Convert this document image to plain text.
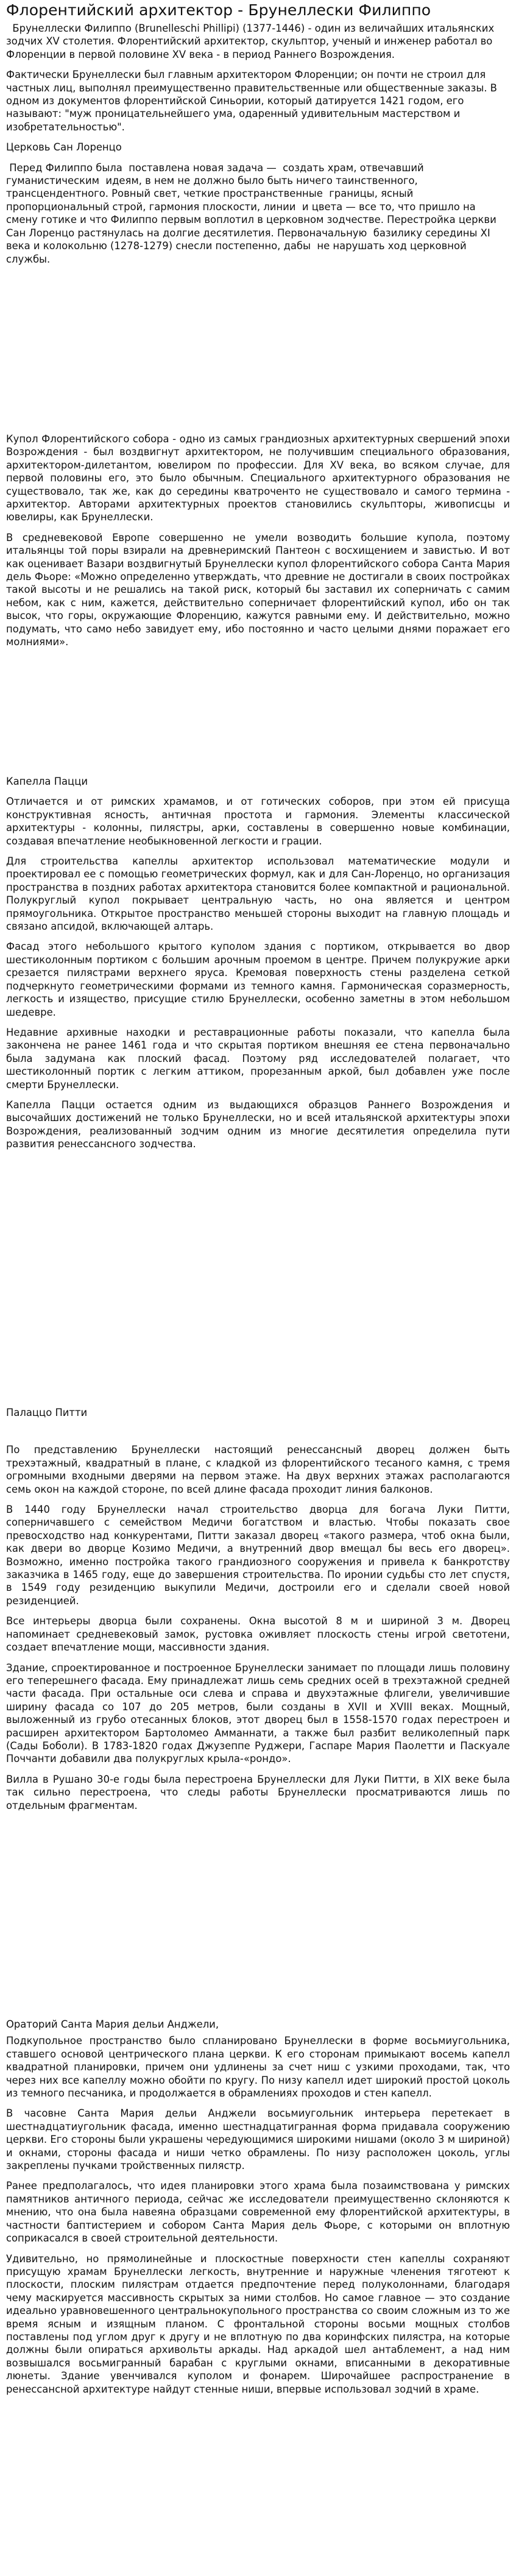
Флорентийский архитектор - Брунеллески Филиппо

Брунеллески Филиппо (Brunelleschi Phillipi) (1377-1446) - один из величайших итальянских зодчих XV столетия. Флорентийский архитектор, скульптор, ученый и инженер работал во Флоренции в первой половине XV века - в период Раннего Возрождения.

Фактически Брунеллески был главным архитектором Флоренции; он почти не строил для частных лиц, выполнял преимущественно правительственные или общественные заказы. В одном из документов флорентийской Синьории, который датируется 1421 годом, его называют: "муж проницательнейшего ума, одаренный удивительным мастерством и изобретательностью".

Церковь Сан Лоренцо

Перед Филиппо была  поставлена новая задача —  создать храм, отвечавший гуманистическим  идеям, в нем не должно было быть ничего таинственного, трансцендентного. Ровный свет, четкие пространственные  границы, ясный пропорциональный строй, гармония плоскости, линии  и цвета — все то, что пришло на смену готике и что Филиппо первым воплотил в церковном зодчестве. Перестройка церкви  Сан Лоренцо растянулась на долгие десятилетия. Первоначальную  базилику середины XI века и колокольню (1278-1279) снесли постепенно, дабы  не нарушать ход церковной  службы.

Купол Флорентийского собора - одно из самых грандиозных архитектурных свершений эпохи Возрождения - был воздвигнут архитектором, не получившим специального образования, архитектором-дилетантом, ювелиром по профессии. Для XV века, во всяком случае, для первой половины его, это было обычным. Специального архитектурного образования не существовало, так же, как до середины кватроченто не существовало и самого термина - архитектор. Авторами архитектурных проектов становились скульпторы, живописцы и ювелиры, как Брунеллески.

В средневековой Европе совершенно не умели возводить большие купола, поэтому итальянцы той поры взирали на древнеримский Пантеон с восхищением и завистью. И вот как оценивает Вазари воздвигнутый Брунеллески купол флорентийского собора Санта Мария дель Фьоре: «Можно определенно утверждать, что древние не достигали в своих постройках такой высоты и не решались на такой риск, который бы заставил их соперничать с самим небом, как с ним, кажется, действительно соперничает флорентийский купол, ибо он так высок, что горы, окружающие Флоренцию, кажутся равными ему. И действительно, можно подумать, что само небо завидует ему, ибо постоянно и часто целыми днями поражает его молниями».

Капелла Пацци

Отличается и от римских храмамов, и от готических соборов, при этом ей присуща конструктивная ясность, античная простота и гармония. Элементы классической архитектуры - колонны, пилястры, арки, составлены в совершенно новые комбинации, создавая впечатление необыкновенной легкости и грации.

Для строительства капеллы архитектор использовал математические модули и проектировал ее с помощью геометрических формул, как и для Сан-Лоренцо, но организация пространства в поздних работах архитектора становится более компактной и рациональной. Полукруглый купол покрывает центральную часть, но она является и центром прямоугольника. Открытое пространство меньшей стороны выходит на главную площадь и связано апсидой, включающей алтарь.

Фасад этого небольшого крытого куполом здания с портиком, открывается во двор шестиколонным портиком с большим арочным проемом в центре. Причем полукружие арки срезается пилястрами верхнего яруса. Кремовая поверхность стены разделена сеткой подчеркнуто геометрическими формами из темного камня. Гармоническая соразмерность, легкость и изящество, присущие стилю Брунеллески, особенно заметны в этом небольшом шедевре.

Недавние архивные находки и реставрационные работы показали, что капелла была закончена не ранее 1461 года и что скрытая портиком внешняя ее стена первоначально была задумана как плоский фасад. Поэтому ряд исследователей полагает, что шестиколонный портик с легким аттиком, прорезанным аркой, был добавлен уже после смерти Брунеллески.

Капелла Пацци остается одним из выдающихся образцов Раннего Возрождения и высочайших достижений не только Брунеллески, но и всей итальянской архитектуры эпохи Возрождения, реализованный зодчим одним из многие десятилетия определила пути развития ренессансного зодчества.

Палаццо Питти

По представлению Брунеллески настоящий ренессансный дворец должен быть трехэтажный, квадратный в плане, с кладкой из флорентийского тесаного камня, с тремя огромными входными дверями на первом этаже. На двух верхних этажах располагаются семь окон на каждой стороне, по всей длине фасада проходит линия балконов.

В 1440 году Брунеллески начал строительство дворца для богача Луки Питти, соперничавшего с семейством Медичи богатством и властью. Чтобы показать свое превосходство над конкурентами, Питти заказал дворец «такого размера, чтоб окна были, как двери во дворце Козимо Медичи, а внутренний двор вмещал бы весь его дворец». Возможно, именно постройка такого грандиозного сооружения и привела к банкротству заказчика в 1465 году, еще до завершения строительства. По иронии судьбы сто лет спустя, в 1549 году резиденцию выкупили Медичи, достроили его и сделали своей новой резиденцией.

Все интерьеры дворца были сохранены. Окна высотой 8 м и шириной 3 м. Дворец напоминает средневековый замок, рустовка оживляет плоскость стены игрой светотени, создает впечатление мощи, массивности здания.

Здание, спроектированное и построенное Брунеллески занимает по площади лишь половину его теперешнего фасада. Ему принадлежат лишь семь средних осей в трехэтажной средней части фасада. При остальные оси слева и справа и двухэтажные флигели, увеличившие ширину фасада со 107 до 205 метров, были созданы в XVII и XVIII веках. Мощный, выложенный из грубо отесанных блоков, этот дворец был в 1558-1570 годах перестроен и расширен архитектором Бартоломео Амманнати, а также был разбит великолепный парк (Сады Боболи). В 1783-1820 годах Джузеппе Руджери, Гаспаре Мария Паолетти и Паскуале Поччанти добавили два полукруглых крыла-«рондо».

Вилла в Рушано 30-е годы была перестроена Брунеллески для Луки Питти, в XIX веке была так сильно перестроена, что следы работы Брунеллески просматриваются лишь по отдельным фрагментам.

Ораторий Санта Мария дельи Анджели,

Подкупольное пространство было спланировано Брунеллески в форме восьмиугольника, ставшего основой центрического плана церкви. К его сторонам примыкают восемь капелл квадратной планировки, причем они удлинены за счет ниш с узкими проходами, так, что через них все капеллу можно обойти по кругу. По низу капелл идет широкий простой цоколь из темного песчаника, и продолжается в обрамлениях проходов и стен капелл.

В часовне Санта Мария дельи Анджели восьмиугольник интерьера перетекает в шестнадцатиугольник фасада, именно шестнадцатигранная форма придавала сооружению церкви. Его стороны были украшены чередующимися широкими нишами (около 3 м шириной) и окнами, стороны фасада и ниши четко обрамлены. По низу расположен цоколь, углы закреплены пучками тройственных пилястр.

Ранее предполагалось, что идея планировки этого храма была позаимствована у римских памятников античного периода, сейчас же исследователи преимущественно склоняются к мнению, что она была навеяна образцами современной ему флорентийской архитектуры, в частности баптистерием и собором Санта Мария дель Фьоре, с которыми он вплотную соприкасался в своей строительной деятельности.

Удивительно, но прямолинейные и плоскостные поверхности стен капеллы сохраняют присущую храмам Брунеллески легкость, внутренние и наружные членения тяготеют к плоскости, плоским пилястрам отдается предпочтение перед полуколоннами, благодаря чему маскируется массивность скрытых за ними столбов. Но самое главное — это создание идеально уравновешенного центральнокупольного пространства со своим сложным из то же время ясным и изящным планом. С фронтальной стороны восьми мощных столбов поставлены под углом друг к другу и не вплотную по два коринфских пилястра, на которые должны были опираться архивольты аркады. Над аркадой шел антаблемент, а над ним возвышался восьмигранный барабан с круглыми окнами, вписанными в декоративные люнеты. Здание увенчивался куполом и фонарем. Широчайшее распространение в ренессансной архитектуре найдут стенные ниши, впервые использовал зодчий в храме.
